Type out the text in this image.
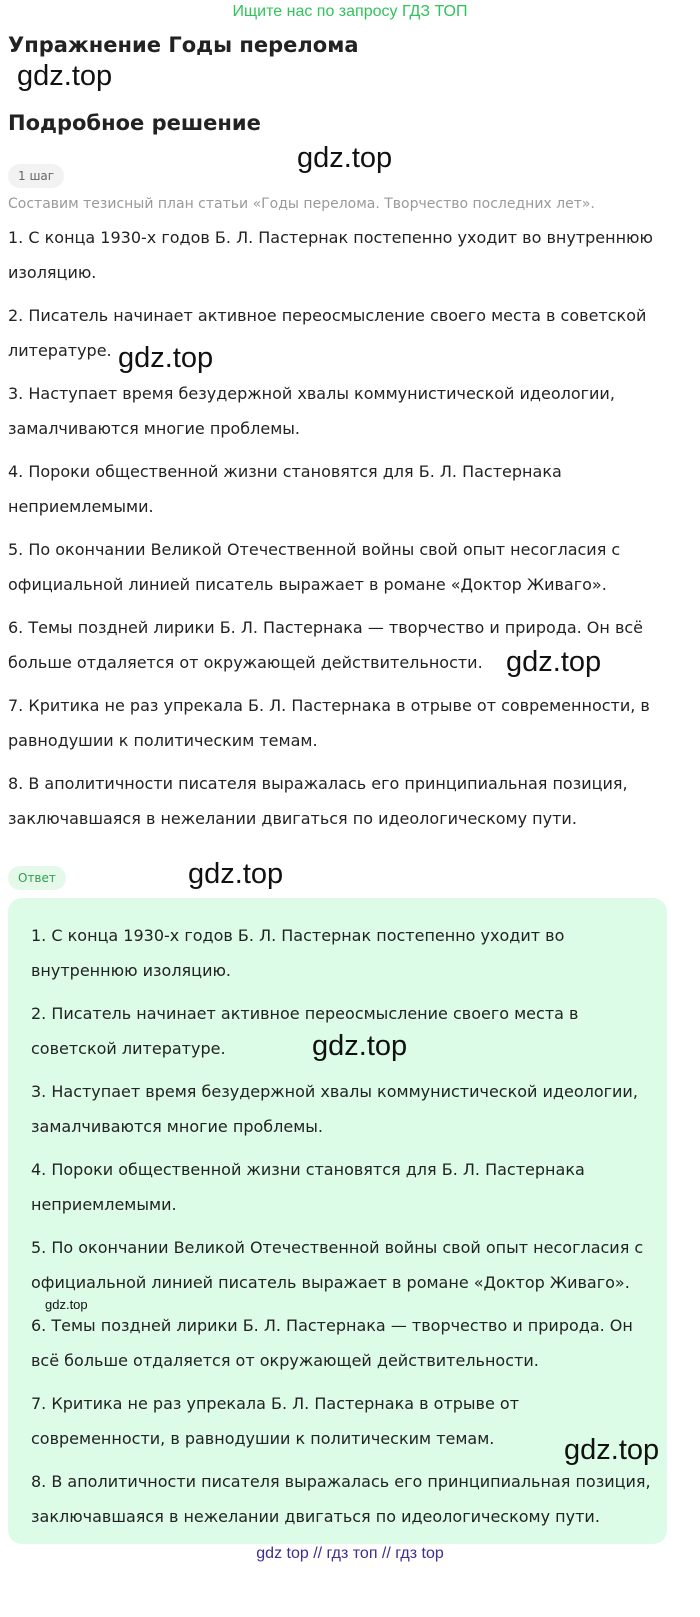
Ищите нас по запросу ГДЗ ТОП
Упражнение Годы перелома
gdz.top
Подробное решение
gdz.top
1 шаг
Составим тезисный план статьи «Годы перелома. Творчество последних лет».
1. С конца 1930-х годов Б. Л. Пастернак постепенно уходит во внутреннюю изоляцию.
2. Писатель начинает активное переосмысление своего места в советской литературе.
3. Наступает время безудержной хвалы коммунистической идеологии, замалчиваются многие проблемы.
4. Пороки общественной жизни становятся для Б. Л. Пастернака неприемлемыми.
5. По окончании Великой Отечественной войны свой опыт несогласия с официальной линией писатель выражает в романе «Доктор Живаго».
6. Темы поздней лирики Б. Л. Пастернака — творчество и природа. Он всё больше отдаляется от окружающей действительности.
7. Критика не раз упрекала Б. Л. Пастернака в отрыве от современности, в равнодушии к политическим темам.
8. В аполитичности писателя выражалась его принципиальная позиция, заключавшаяся в нежелании двигаться по идеологическому пути.
gdz.top
gdz.top
Ответ	gdz.top
1. С конца 1930-х годов Б. Л. Пастернак постепенно уходит во внутреннюю изоляцию.
2. Писатель начинает активное переосмысление своего места в советской литературе.
3. Наступает время безудержной хвалы коммунистической идеологии, замалчиваются многие проблемы.
4. Пороки общественной жизни становятся для Б. Л. Пастернака неприемлемыми.
5. По окончании Великой Отечественной войны свой опыт несогласия с официальной линией писатель выражает в романе «Доктор Живаго».
6. Темы поздней лирики Б. Л. Пастернака — творчество и природа. Он всё больше отдаляется от окружающей действительности.
7. Критика не раз упрекала Б. Л. Пастернака в отрыве от современности, в равнодушии к политическим темам.
8. В аполитичности писателя выражалась его принципиальная позиция, заключавшаяся в нежелании двигаться по идеологическому пути.
gdz.top
gdz.top
gdz.top
gdz top // гдз топ // гдз top
